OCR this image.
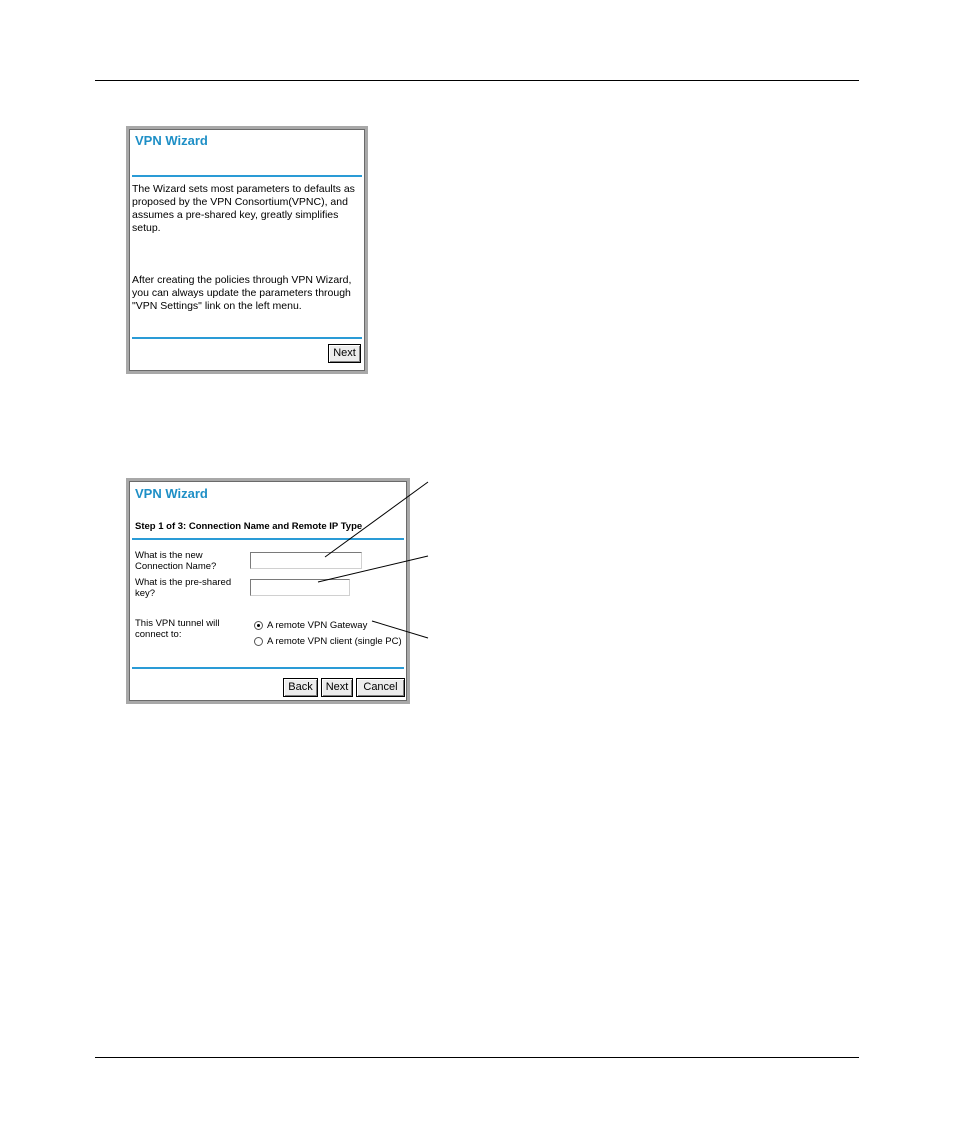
VPN Wizard

The Wizard sets most parameters to defaults as proposed by the VPN Consortium(VPNC), and assumes a pre-shared key, greatly simplifies setup.

After creating the policies through VPN Wizard, you can always update the parameters through "VPN Settings" link on the left menu.

Next
VPN Wizard
Step 1 of 3: Connection Name and Remote IP Type
What is the new Connection Name?
What is the pre-shared key?
This VPN tunnel will connect to:
A remote VPN Gateway
A remote VPN client (single PC)
Back	Next	Cancel
